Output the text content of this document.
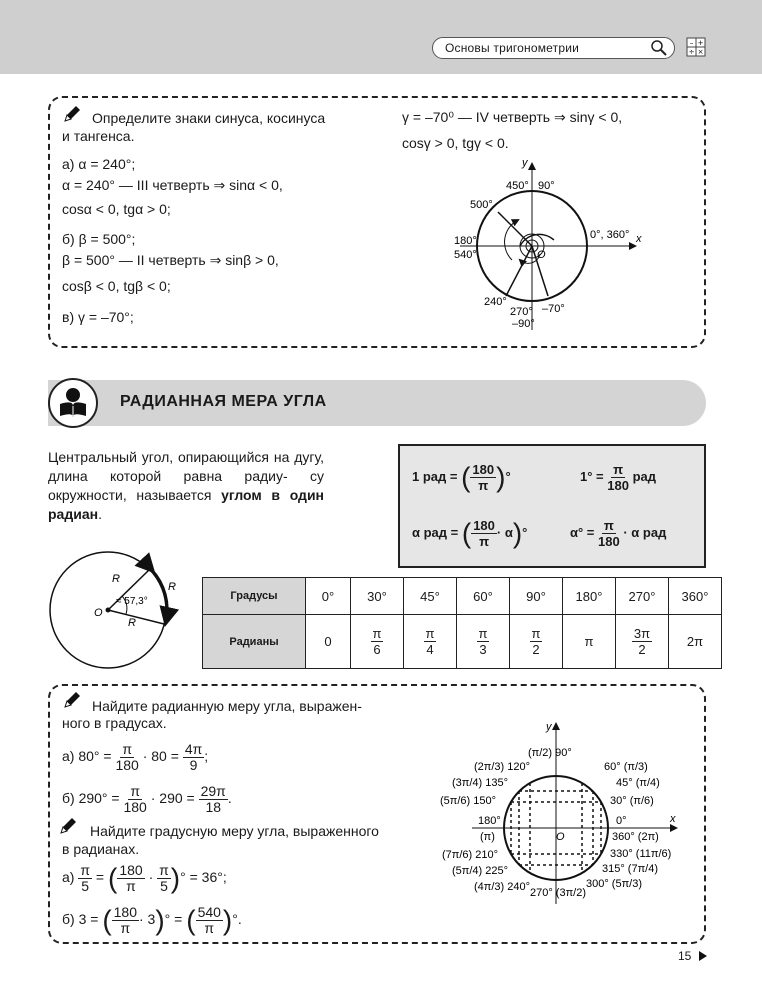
Основы тригонометрии	– +
÷ ×
Определите знаки синуса, косинуса
и тангенса.
а) α = 240°;
α = 240° — III четверть ⇒ sinα < 0,
cosα < 0, tgα > 0;
б) β = 500°;
β = 500° — II четверть ⇒ sinβ > 0,
cosβ < 0, tgβ < 0;
в) γ = –70°;
γ = –70⁰ — IV четверть ⇒ sinγ < 0,
cosγ > 0, tgγ < 0.
y
x
O
450° 90°
500°
0°, 360°
180°
540°
240°
270°
–90°
–70°
РАДИАННАЯ МЕРА УГЛА
Центральный угол, опирающийся на дугу, длина которой равна радиу- су окружности, называется углом в один радиан.
1 рад = ( $\frac{180}{\pi}$ )°	$1^\circ = \frac{\pi}{180}$ рад
α рад = ( $\frac{180}{\pi} \cdot \alpha)^\circ$	$\alpha^\circ = \frac{\pi}{180} \cdot \alpha$ рад
R
R
R
O
≈ 57,3°	Градусы	0°	30°	45°	60°	90°	180°	270°	360°
Радианы	0	$\frac{\pi}{6}$	$\frac{\pi}{4}$	$\frac{\pi}{3}$	$\frac{\pi}{2}$	π	$\frac{3\pi}{2}$	2π
Найдите радианную меру угла, выражен-
ного в градусах.
а) $80^\circ = \frac{\pi}{180} \cdot 80 = \frac{4\pi}{9}$ ;
б) $290^\circ = \frac{\pi}{180} \cdot 290 = \frac{29\pi}{18}$ .
Найдите градусную меру угла, выраженного
в радианах.
$а) \frac{\pi}{5}$ = ( $\frac{180}{\pi} \cdot \frac{\pi}{5}$ )° = 36°;
б) 3 = ( $\frac{180}{\pi} \cdot 3)^\circ$ = ( $\frac{540}{\pi}$ )°.
y
x
O
(π/2) 90°
60° (π/3)
(2π/3) 120°
45° (π/4)
(3π/4) 135°
30° (π/6)
(5π/6) 150°
0°
180°
(π)	360° (2π)
(7π/6) 210°	330° (11π/6)
(5π/4) 225°	315° (7π/4)
(4π/3) 240°	300° (5π/3)
270° (3π/2)
15
